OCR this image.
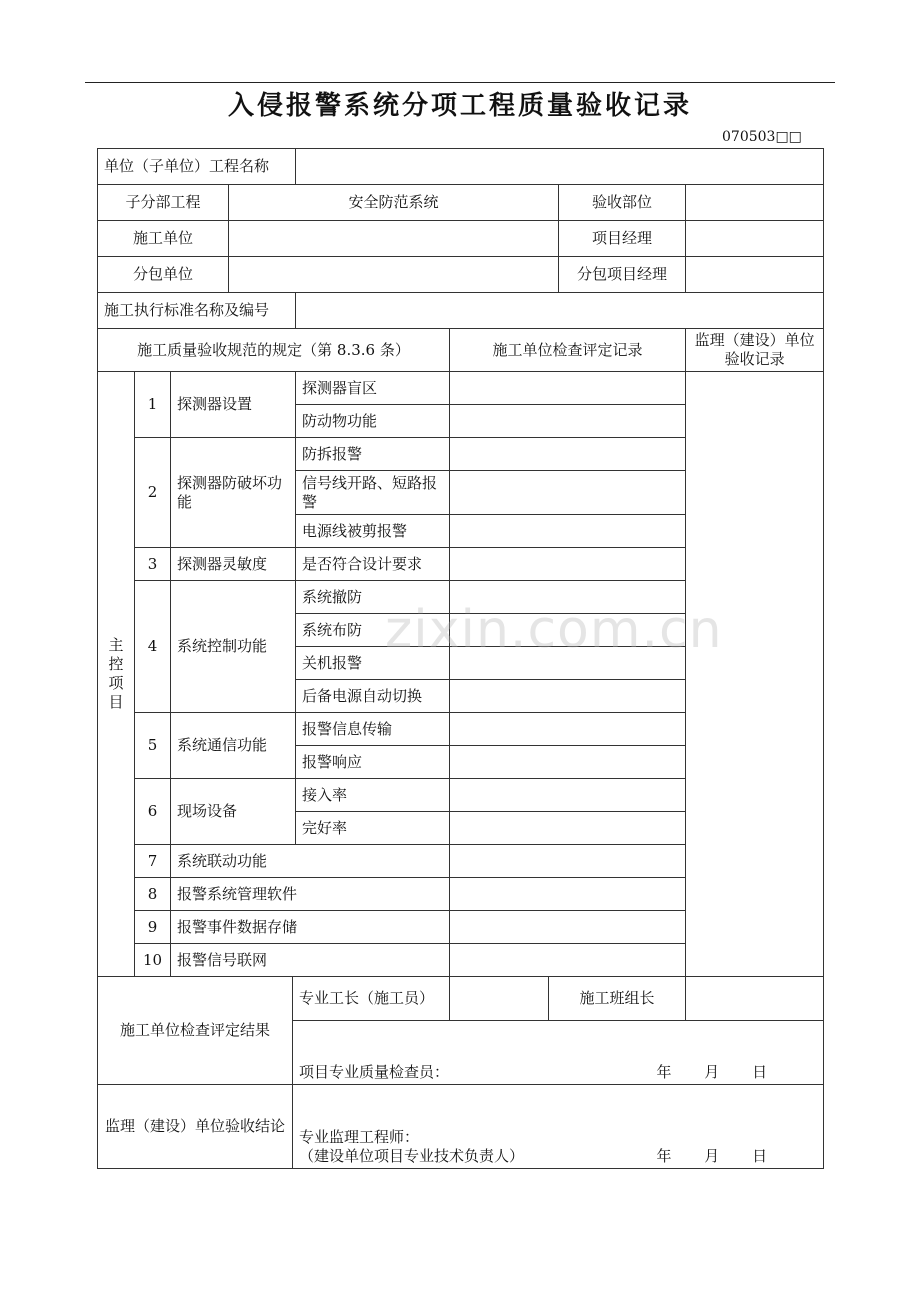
入侵报警系统分项工程质量验收记录
070503□□
单位（子单位）工程名称									
子分部工程			安全防范系统					验收部位	
施工单位								项目经理	
分包单位								分包项目经理	
施工执行标准名称及编号									
施工质量验收规范的规定（第 8.3.6 条）						施工单位检查评定记录			监理（建设）单位验收记录

主
控
项
目	1	探测器设置			探测器盲区				
					防动物功能				
	2	探测器防破坏功能			防拆报警				
					信号线开路、短路报警				
					电源线被剪报警				
	3	探测器灵敏度			是否符合设计要求				
	4	系统控制功能			系统撤防				
					系统布防				
					关机报警				
					后备电源自动切换				
	5	系统通信功能			报警信息传输				
					报警响应				
	6	现场设备			接入率				
					完好率				
	7	系统联动功能							
	8	报警系统管理软件							
	9	报警事件数据存储							
	10	报警信号联网							
施工单位检查评定结果				专业工长（施工员）			施工班组长		

				项目专业质量检查员： 年 月 日					

监理（建设）单位验收结论				专业监理工程师：
（建设单位项目专业技术负责人） 年 月 日					
zixin.com.cn
